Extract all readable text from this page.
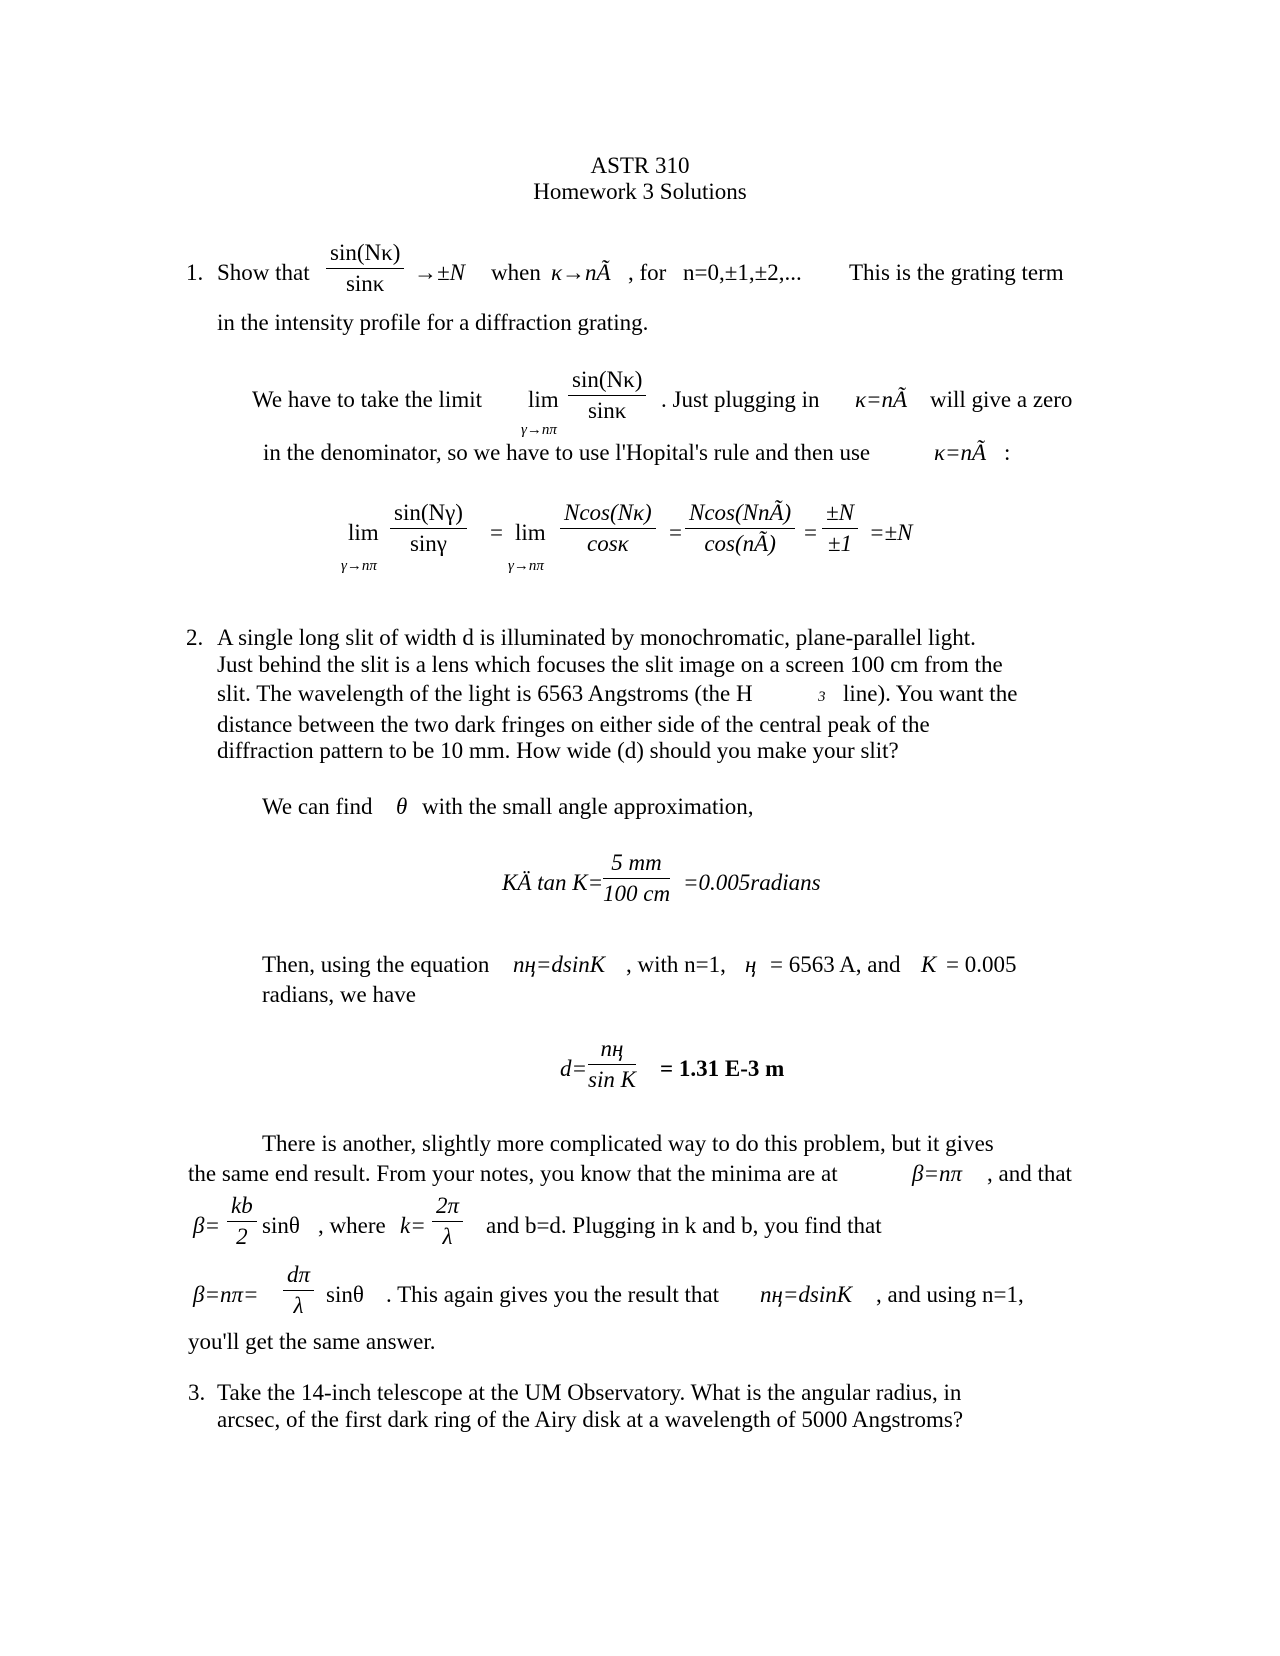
ASTR 310
Homework 3 Solutions
1. Show that $\frac{\sin(N\kappa)}{\sin\kappa} \to\pm N$ when κ→nÃ , for n=0,±1,±2,... This is the grating term
in the intensity profile for a diffraction grating.
We have to take the limit lim
γ→nπ
$\frac{\sin(N\kappa)}{\sin\kappa}$ . Just plugging in κ=nÃ will give a zero
in the denominator, so we have to use l'Hopital's rule and then use	κ=nÃ :
lim
γ→nπ
$\frac{\sin(N\gamma)}{\sin\gamma} = \lim$
γ→nπ
$\frac{Ncos(N\kappa)}{\cos\kappa}$ =
Ncos(NnÃ)
cos(nÃ)	= $\frac{\pm N}{\pm 1} =\pm N$
2. A single long slit of width d is illuminated by monochromatic, plane-parallel light.
Just behind the slit is a lens which focuses the slit image on a screen 100 cm from the
slit. The wavelength of the light is 6563 Angstroms (the H	3 line). You want the
distance between the two dark fringes on either side of the central peak of the
diffraction pattern to be 10 mm. How wide (d) should you make your slit?
We can find θ with the small angle approximation,
KÄ $\tan K= \frac{5 mm}{100 cm}$ =0.005radians
Then, using the equation nӊ=dsinK , with n=1, ӊ = 6563 A, and K = 0.005
radians, we have
d=
nӊ
sin K = 1.31 E-3 m
There is another, slightly more complicated way to do this problem, but it gives
the same end result. From your notes, you know that the minima are at	β=nπ , and that
$\beta= \frac{kb}{2}$ sinθ , where $k= \frac{2\pi}{\lambda}$ and b=d. Plugging in k and b, you find that
$\beta=n\pi= \frac{d\pi}{\lambda}$ sinθ . This again gives you the result that nӊ=dsinK , and using n=1,
you'll get the same answer.
3. Take the 14-inch telescope at the UM Observatory. What is the angular radius, in
arcsec, of the first dark ring of the Airy disk at a wavelength of 5000 Angstroms?
